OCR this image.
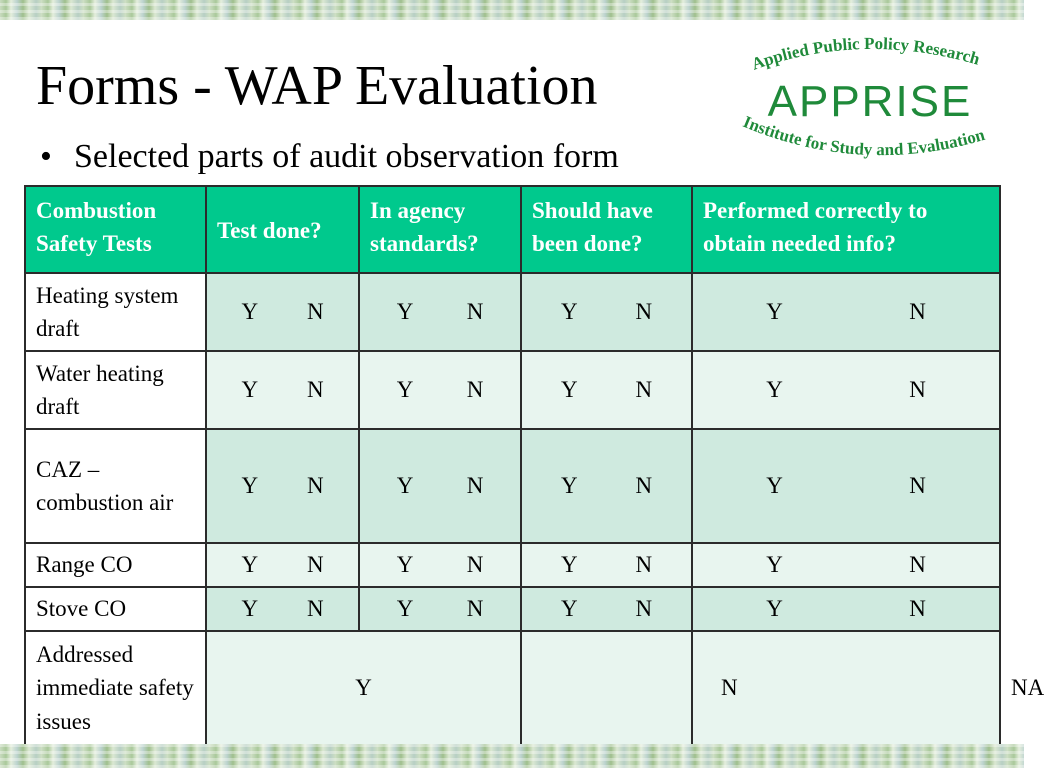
Forms - WAP Evaluation
• Selected parts of audit observation form
Applied Public Policy Research
APPRISE
Institute for Study and Evaluation
Combustion Safety Tests	Test done?	In agency standards?	Should have been done?	Performed correctly to obtain needed info?	
Heating system draft	Y N	Y N	Y N	Y N	

Water heating draft	Y N	Y N	Y N	Y N	

CAZ – combustion air	Y N	Y N	Y N	Y N	

Range CO	Y N	Y N	Y N	Y N	

Stove CO	Y N	Y N	Y N	Y N	

Addressed immediate safety issues	Y			N	NA
